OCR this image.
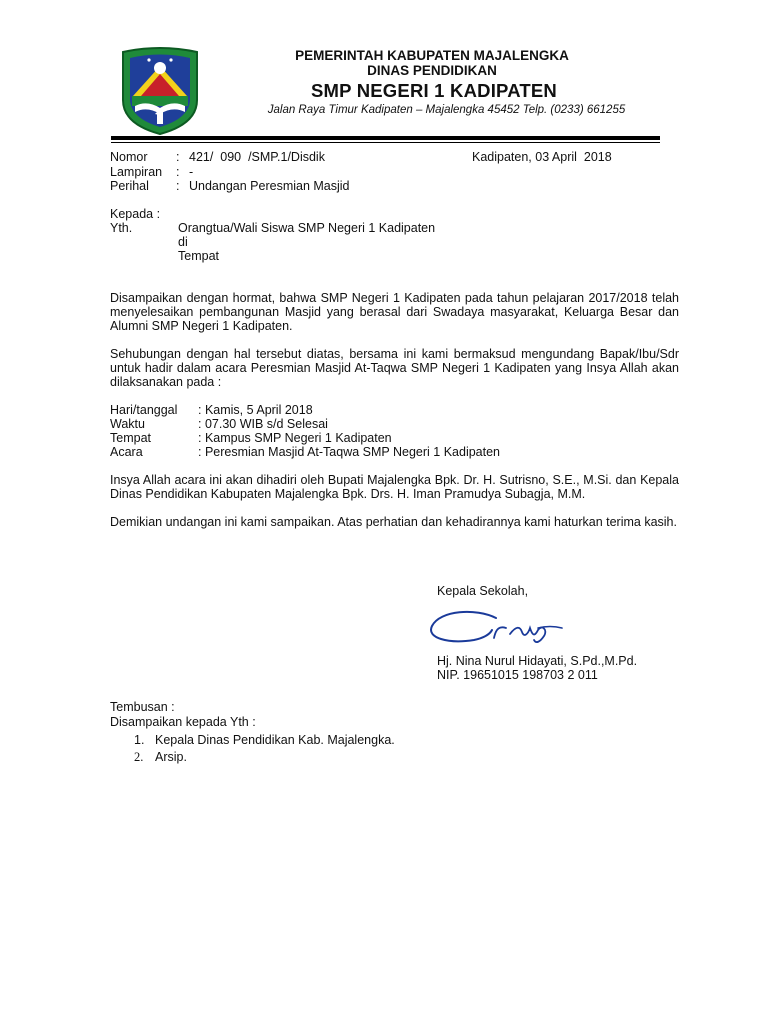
PEMERINTAH KABUPATEN MAJALENGKA
DINAS PENDIDIKAN
SMP NEGERI 1 KADIPATEN
Jalan Raya Timur Kadipaten – Majalengka 45452 Telp. (0233) 661255
Nomor : 421/  090  /SMP.1/Disdik	Kadipaten, 03 April  2018
Lampiran : -
Perihal : Undangan Peresmian Masjid
Kepada :
Yth.	Orangtua/Wali Siswa SMP Negeri 1 Kadipaten
di
Tempat
Disampaikan dengan hormat, bahwa SMP Negeri 1 Kadipaten pada tahun pelajaran 2017/2018 telah menyelesaikan pembangunan Masjid yang berasal dari Swadaya masyarakat, Keluarga Besar dan Alumni SMP Negeri 1 Kadipaten.
Sehubungan dengan hal tersebut diatas, bersama ini kami bermaksud mengundang Bapak/Ibu/Sdr untuk hadir dalam acara Peresmian Masjid At-Taqwa SMP Negeri 1 Kadipaten yang Insya Allah akan dilaksanakan pada :
Hari/tanggal : Kamis, 5 April 2018
Waktu	: 07.30 WIB s/d Selesai
Tempat	: Kampus SMP Negeri 1 Kadipaten
Acara	: Peresmian Masjid At-Taqwa SMP Negeri 1 Kadipaten
Insya Allah acara ini akan dihadiri oleh Bupati Majalengka Bpk. Dr. H. Sutrisno, S.E., M.Si. dan Kepala Dinas Pendidikan Kabupaten Majalengka Bpk. Drs. H. Iman Pramudya Subagja, M.M.
Demikian undangan ini kami sampaikan. Atas perhatian dan kehadirannya kami haturkan terima kasih.
Kepala Sekolah,
Hj. Nina Nurul Hidayati, S.Pd.,M.Pd.
NIP. 19651015 198703 2 011
Tembusan :
Disampaikan kepada Yth :
1. Kepala Dinas Pendidikan Kab. Majalengka.
2. Arsip.
